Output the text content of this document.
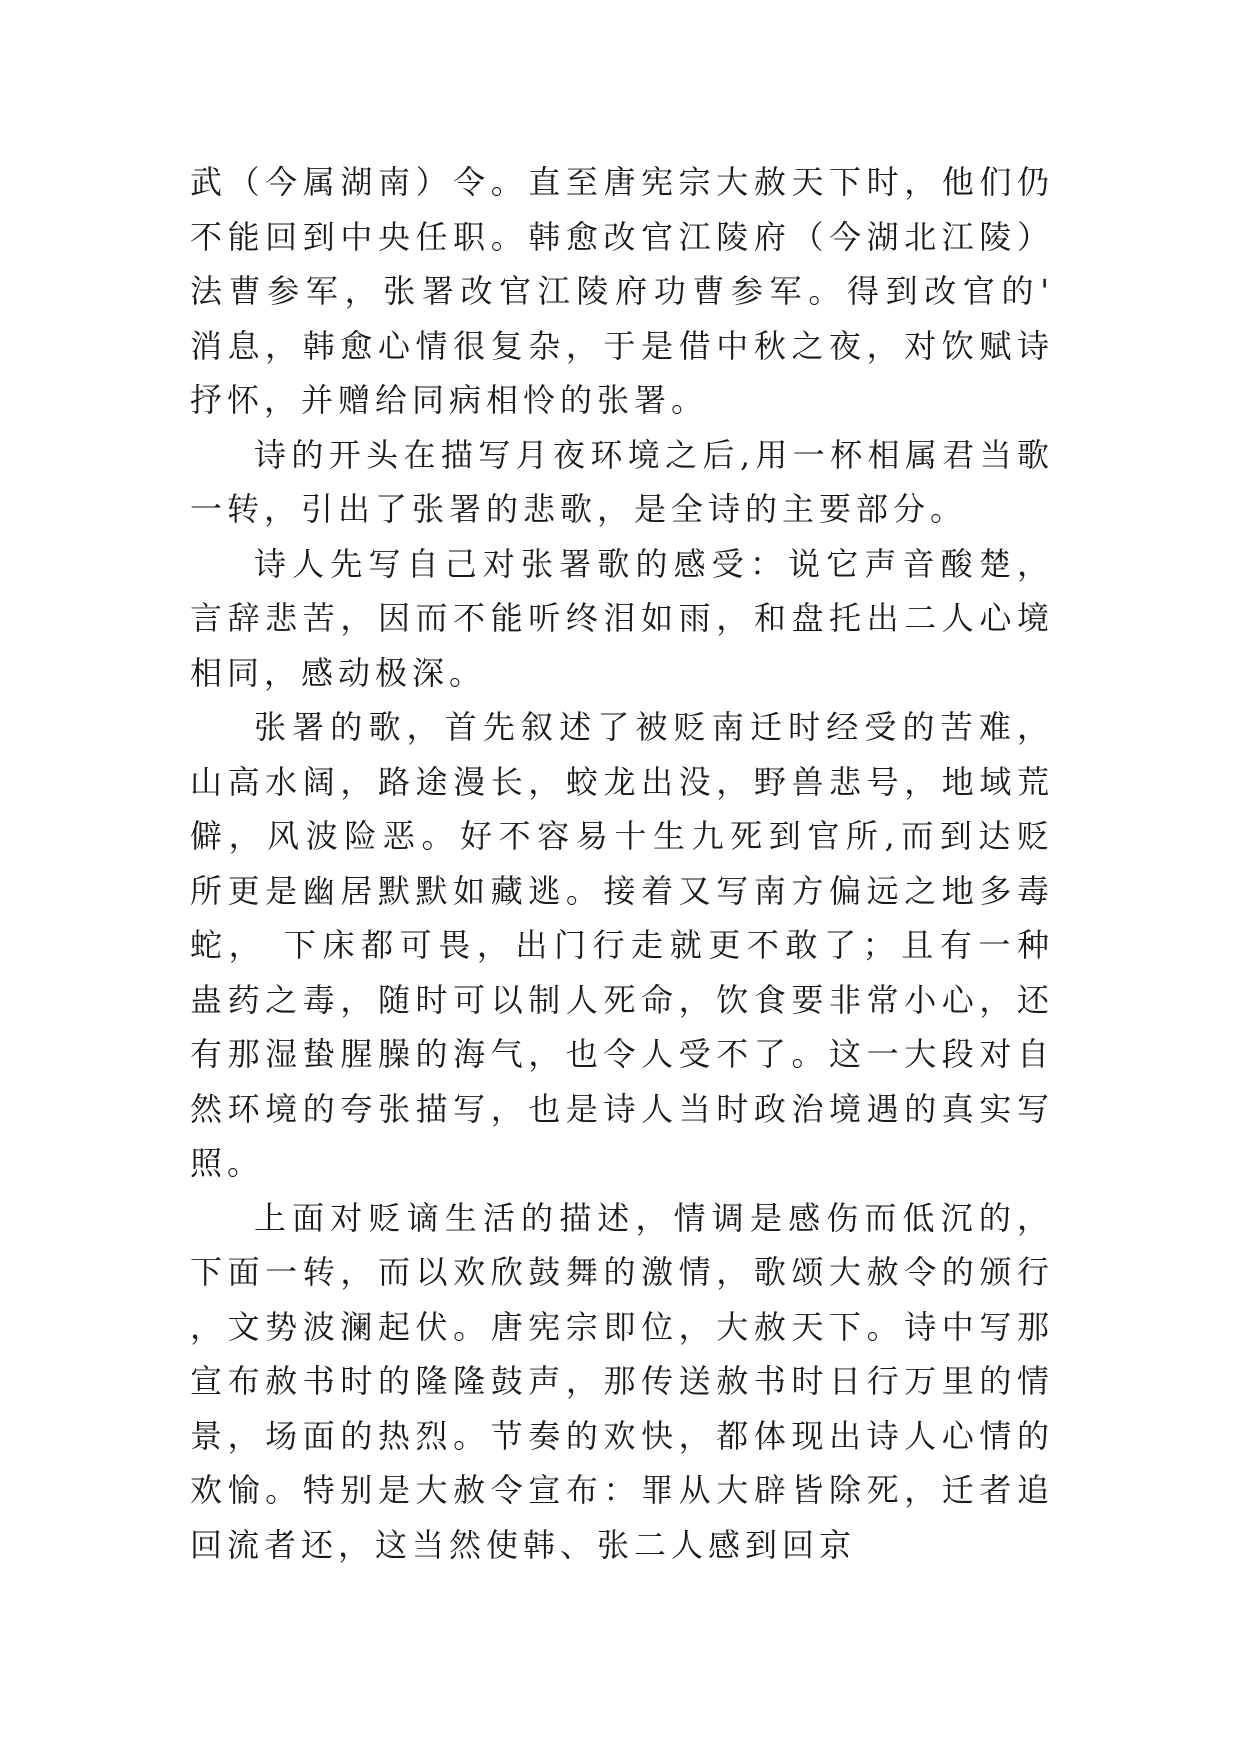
武（今属湖南）令。直至唐宪宗大赦天下时，他们仍不能回到中央任职。韩愈改官江陵府（今湖北江陵）法曹参军，张署改官江陵府功曹参军。得到改官的'消息，韩愈心情很复杂，于是借中秋之夜，对饮赋诗抒怀，并赠给同病相怜的张署。

诗的开头在描写月夜环境之后,用一杯相属君当歌一转，引出了张署的悲歌，是全诗的主要部分。

诗人先写自己对张署歌的感受：说它声音酸楚，言辞悲苦，因而不能听终泪如雨，和盘托出二人心境相同，感动极深。

张署的歌，首先叙述了被贬南迁时经受的苦难，山高水阔，路途漫长，蛟龙出没，野兽悲号，地域荒僻，风波险恶。好不容易十生九死到官所,而到达贬所更是幽居默默如藏逃。接着又写南方偏远之地多毒蛇， 下床都可畏，出门行走就更不敢了；且有一种蛊药之毒，随时可以制人死命，饮食要非常小心，还有那湿蛰腥臊的海气，也令人受不了。这一大段对自然环境的夸张描写，也是诗人当时政治境遇的真实写照。

上面对贬谪生活的描述，情调是感伤而低沉的，下面一转，而以欢欣鼓舞的激情，歌颂大赦令的颁行，文势波澜起伏。唐宪宗即位，大赦天下。诗中写那宣布赦书时的隆隆鼓声，那传送赦书时日行万里的情景，场面的热烈。节奏的欢快，都体现出诗人心情的欢愉。特别是大赦令宣布：罪从大辟皆除死，迁者追回流者还，这当然使韩、张二人感到回京
